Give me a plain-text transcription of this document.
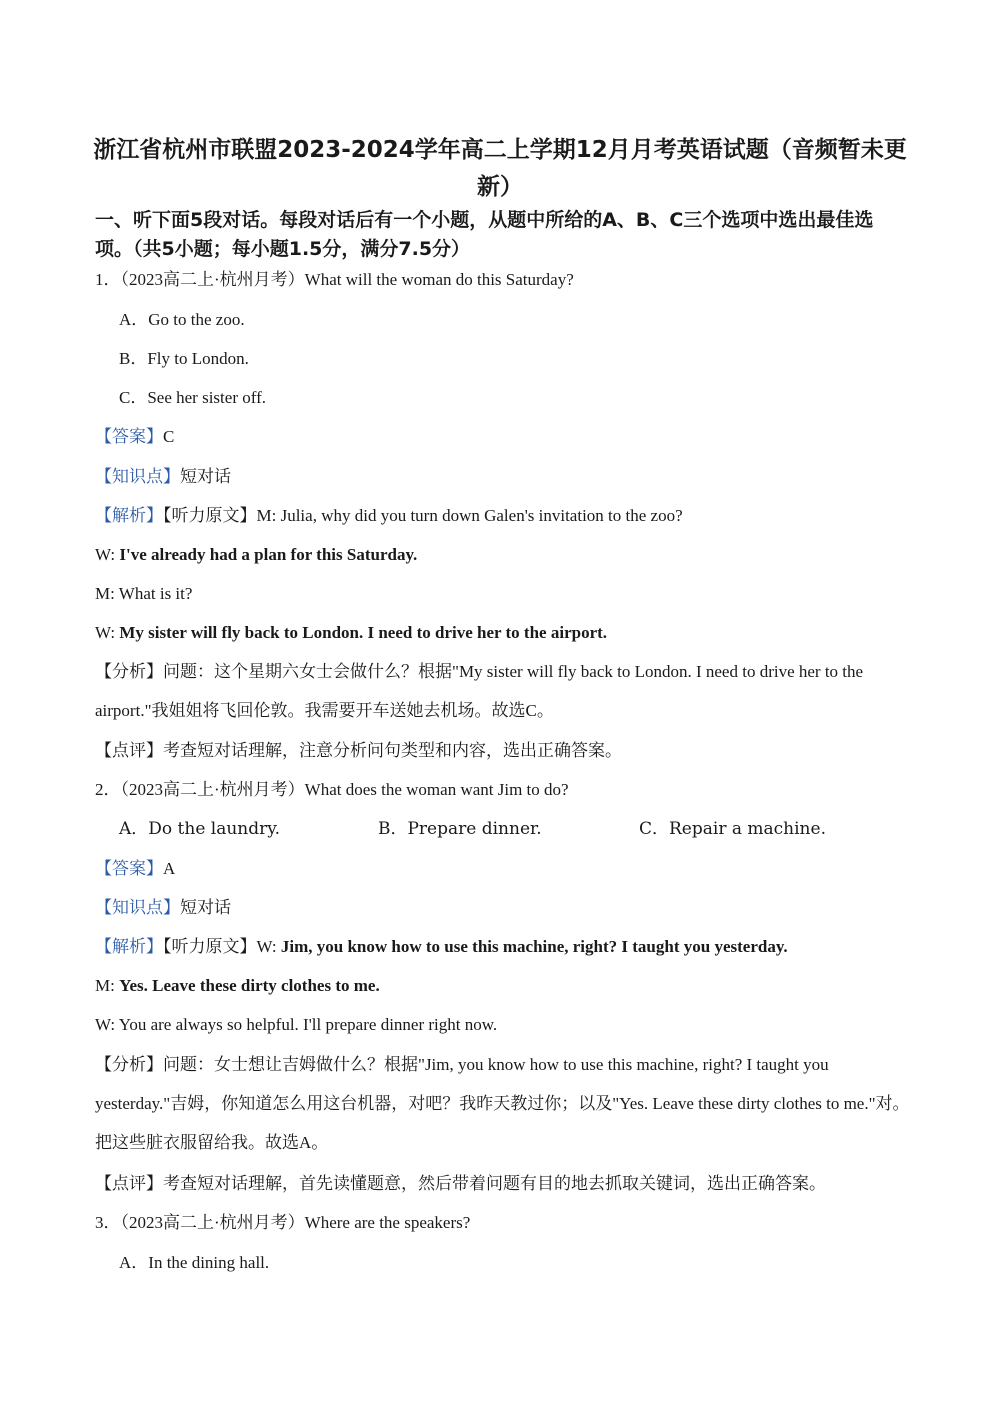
浙江省杭州市联盟2023-2024学年高二上学期12月月考英语试题（音频暂未更新）

一、听下面5段对话。每段对话后有一个小题，从题中所给的A、B、C三个选项中选出最佳选项。（共5小题；每小题1.5分，满分7.5分）

1．（2023高二上·杭州月考）What will the woman do this Saturday?
A．Go to the zoo.
B．Fly to London.
C．See her sister off.
【答案】C
【知识点】短对话
【解析】【听力原文】M: Julia, why did you turn down Galen's invitation to the zoo?
W: I've already had a plan for this Saturday.
M: What is it?
W: My sister will fly back to London. I need to drive her to the airport.
【分析】问题：这个星期六女士会做什么？根据"My sister will fly back to London. I need to drive her to the airport."我姐姐将飞回伦敦。我需要开车送她去机场。故选C。
【点评】考查短对话理解，注意分析问句类型和内容，选出正确答案。
2．（2023高二上·杭州月考）What does the woman want Jim to do?
A．Do the laundry.	B．Prepare dinner.	C．Repair a machine.
【答案】A
【知识点】短对话
【解析】【听力原文】W: Jim, you know how to use this machine, right? I taught you yesterday.
M: Yes. Leave these dirty clothes to me.
W: You are always so helpful. I'll prepare dinner right now.
【分析】问题：女士想让吉姆做什么？根据"Jim, you know how to use this machine, right? I taught you yesterday."吉姆，你知道怎么用这台机器，对吧？我昨天教过你；以及"Yes. Leave these dirty clothes to me."对。把这些脏衣服留给我。故选A。
【点评】考查短对话理解，首先读懂题意，然后带着问题有目的地去抓取关键词，选出正确答案。
3．（2023高二上·杭州月考）Where are the speakers?
A．In the dining hall.
